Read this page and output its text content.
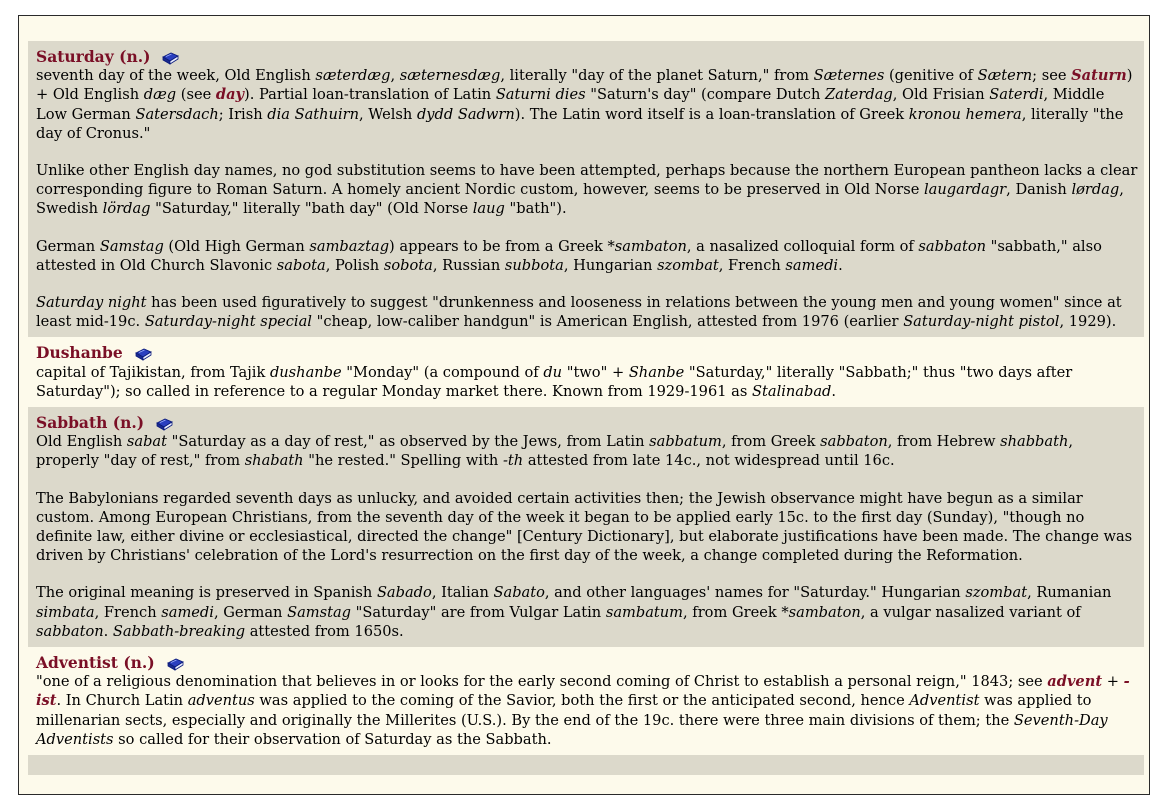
Saturday (n.)
seventh day of the week, Old English sæterdæg, sæternesdæg, literally "day of the planet Saturn," from Sæternes (genitive of Sætern; see Saturn) + Old English dæg (see day). Partial loan-translation of Latin Saturni dies "Saturn's day" (compare Dutch Zaterdag, Old Frisian Saterdi, Middle Low German Satersdach; Irish dia Sathuirn, Welsh dydd Sadwrn). The Latin word itself is a loan-translation of Greek kronou hemera, literally "the day of Cronus."
Unlike other English day names, no god substitution seems to have been attempted, perhaps because the northern European pantheon lacks a clear corresponding figure to Roman Saturn. A homely ancient Nordic custom, however, seems to be preserved in Old Norse laugardagr, Danish lørdag, Swedish lördag "Saturday," literally "bath day" (Old Norse laug "bath").
German Samstag (Old High German sambaztag) appears to be from a Greek *sambaton, a nasalized colloquial form of sabbaton "sabbath," also attested in Old Church Slavonic sabota, Polish sobota, Russian subbota, Hungarian szombat, French samedi.
Saturday night has been used figuratively to suggest "drunkenness and looseness in relations between the young men and young women" since at least mid-19c. Saturday-night special "cheap, low-caliber handgun" is American English, attested from 1976 (earlier Saturday-night pistol, 1929).
Dushanbe
capital of Tajikistan, from Tajik dushanbe "Monday" (a compound of du "two" + Shanbe "Saturday," literally "Sabbath;" thus "two days after Saturday"); so called in reference to a regular Monday market there. Known from 1929-1961 as Stalinabad.
Sabbath (n.)
Old English sabat "Saturday as a day of rest," as observed by the Jews, from Latin sabbatum, from Greek sabbaton, from Hebrew shabbath, properly "day of rest," from shabath "he rested." Spelling with -th attested from late 14c., not widespread until 16c.
The Babylonians regarded seventh days as unlucky, and avoided certain activities then; the Jewish observance might have begun as a similar custom. Among European Christians, from the seventh day of the week it began to be applied early 15c. to the first day (Sunday), "though no definite law, either divine or ecclesiastical, directed the change" [Century Dictionary], but elaborate justifications have been made. The change was driven by Christians' celebration of the Lord's resurrection on the first day of the week, a change completed during the Reformation.
The original meaning is preserved in Spanish Sabado, Italian Sabato, and other languages' names for "Saturday." Hungarian szombat, Rumanian simbata, French samedi, German Samstag "Saturday" are from Vulgar Latin sambatum, from Greek *sambaton, a vulgar nasalized variant of sabbaton. Sabbath-breaking attested from 1650s.
Adventist (n.)
"one of a religious denomination that believes in or looks for the early second coming of Christ to establish a personal reign," 1843; see advent + -ist. In Church Latin adventus was applied to the coming of the Savior, both the first or the anticipated second, hence Adventist was applied to millenarian sects, especially and originally the Millerites (U.S.). By the end of the 19c. there were three main divisions of them; the Seventh-Day Adventists so called for their observation of Saturday as the Sabbath.
